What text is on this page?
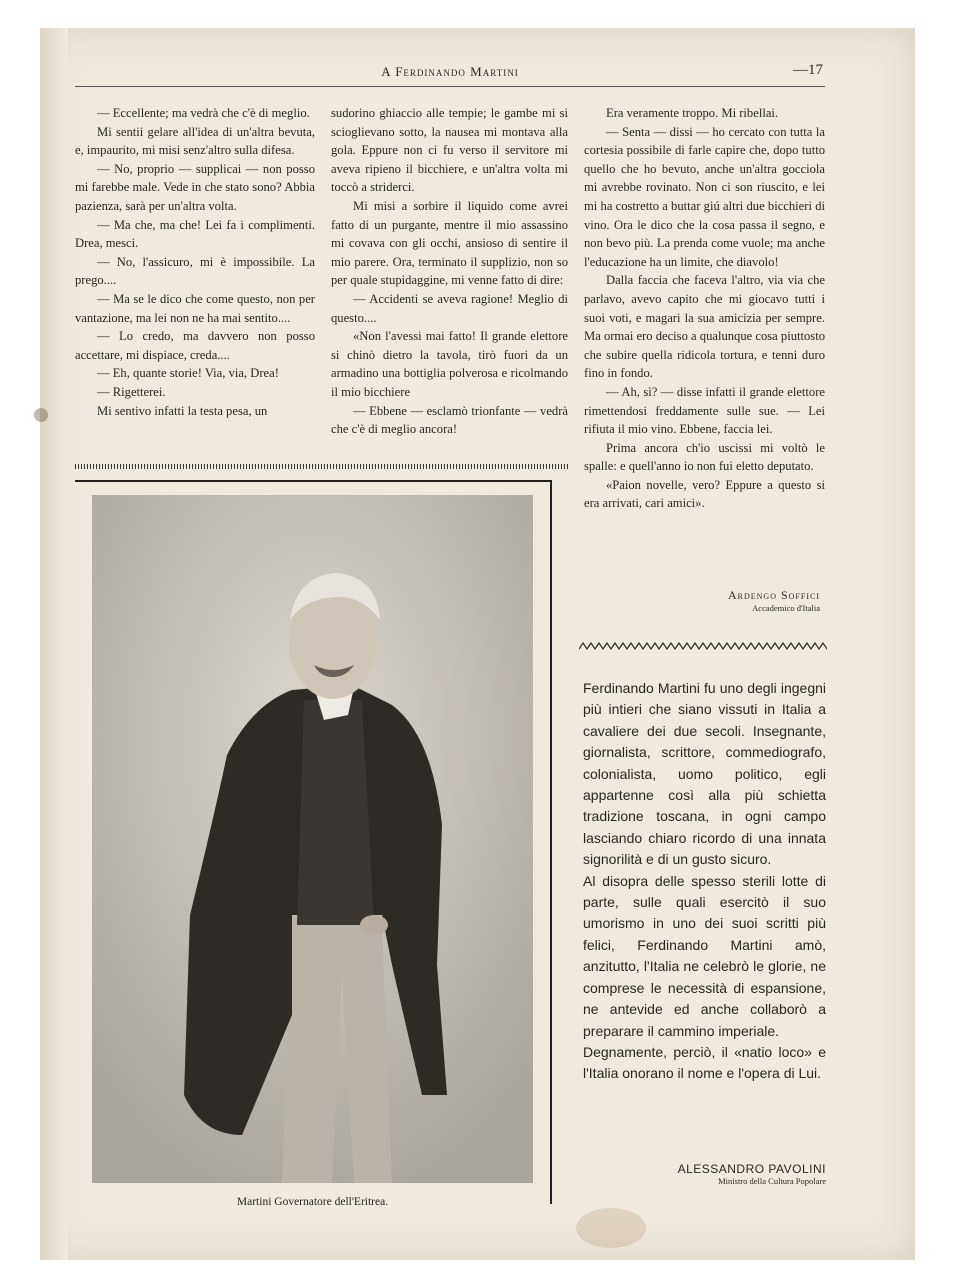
A Ferdinando Martini	—17

— Eccellente; ma vedrà che c'è di meglio.

Mi sentii gelare all'idea di un'altra bevuta, e, impaurito, mi misi senz'altro sulla difesa.

— No, proprio — supplicai — non posso mi farebbe male. Vede in che stato sono? Abbia pazienza, sarà per un'altra volta.

— Ma che, ma che! Lei fa i complimenti. Drea, mesci.

— No, l'assicuro, mi è impossibile. La prego....

— Ma se le dico che come questo, non per vantazione, ma lei non ne ha mai sentito....

— Lo credo, ma davvero non posso accettare, mi dispiace, creda....

— Eh, quante storie! Via, via, Drea!

— Rigetterei.

Mi sentivo infatti la testa pesa, un

sudorino ghiaccio alle tempie; le gambe mi si scioglievano sotto, la nausea mi montava alla gola. Eppure non ci fu verso il servitore mi aveva ripieno il bicchiere, e un'altra volta mi toccò a striderci.

Mi misi a sorbire il liquido come avrei fatto di un purgante, mentre il mio assassino mi covava con gli occhi, ansioso di sentire il mio parere. Ora, terminato il supplizio, non so per quale stupidaggine, mi venne fatto di dire:

— Accidenti se aveva ragione! Meglio di questo....

«Non l'avessi mai fatto! Il grande elettore si chinò dietro la tavola, tirò fuori da un armadino una bottiglia polverosa e ricolmando il mio bicchiere

— Ebbene — esclamò trionfante — vedrà che c'è di meglio ancora!

Era veramente troppo. Mi ribellai.

— Senta — dissi — ho cercato con tutta la cortesia possibile di farle capire che, dopo tutto quello che ho bevuto, anche un'altra gocciola mi avrebbe rovinato. Non ci son riuscito, e lei mi ha costretto a buttar giú altri due bicchieri di vino. Ora le dico che la cosa passa il segno, e non bevo più. La prenda come vuole; ma anche l'educazione ha un limite, che diavolo!

Dalla faccia che faceva l'altro, via via che parlavo, avevo capito che mi giocavo tutti i suoi voti, e magari la sua amicizia per sempre. Ma ormai ero deciso a qualunque cosa piuttosto che subire quella ridicola tortura, e tenni duro fino in fondo.

— Ah, sì? — disse infatti il grande elettore rimettendosi freddamente sulle sue. — Lei rifiuta il mio vino. Ebbene, faccia lei.

Prima ancora ch'io uscissi mi voltò le spalle: e quell'anno io non fui eletto deputato.

«Paion novelle, vero? Eppure a questo si era arrivati, cari amici».

Ardengo Soffici
Accademico d'Italia
Martini Governatore dell'Eritrea.

Ferdinando Martini fu uno degli ingegni più intieri che siano vissuti in Italia a cavaliere dei due secoli. Insegnante, giornalista, scrittore, commediografo, colonialista, uomo politico, egli appartenne così alla più schietta tradizione toscana, in ogni campo lasciando chiaro ricordo di una innata signorilità e di un gusto sicuro.

Al disopra delle spesso sterili lotte di parte, sulle quali esercitò il suo umorismo in uno dei suoi scritti più felici, Ferdinando Martini amò, anzitutto, l'Italia ne celebrò le glorie, ne comprese le necessità di espansione, ne antevide ed anche collaborò a preparare il cammino imperiale.

Degnamente, perciò, il «natio loco» e l'Italia onorano il nome e l'opera di Lui.

ALESSANDRO PAVOLINI
Ministro della Cultura Popolare
